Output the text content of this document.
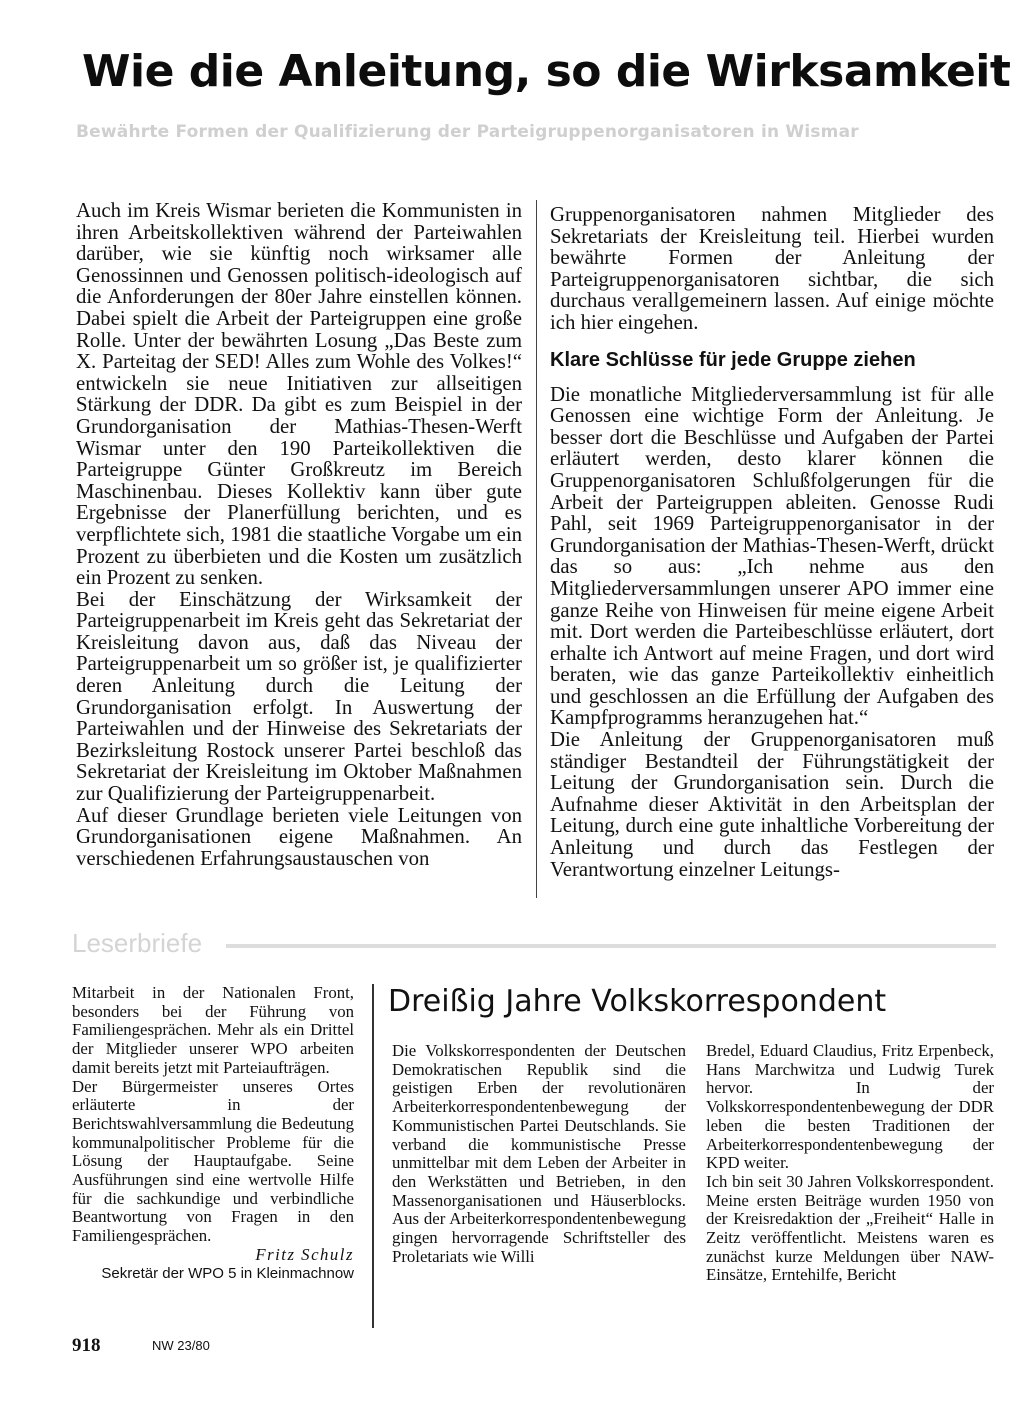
Wie die Anleitung, so die Wirksamkeit
Bewährte Formen der Qualifizierung der Parteigruppenorganisatoren in Wismar

Auch im Kreis Wismar berieten die Kommunisten in ihren Arbeitskollektiven während der Parteiwahlen darüber, wie sie künftig noch wirksamer alle Genossinnen und Genossen politisch-ideologisch auf die Anforderungen der 80er Jahre einstellen können. Dabei spielt die Arbeit der Parteigruppen eine große Rolle. Unter der bewährten Losung „Das Beste zum X. Parteitag der SED! Alles zum Wohle des Volkes!“ entwickeln sie neue Initiativen zur allseitigen Stärkung der DDR. Da gibt es zum Beispiel in der Grundorganisation der Mathias-Thesen-Werft Wismar unter den 190 Parteikollektiven die Parteigruppe Günter Großkreutz im Bereich Maschinenbau. Dieses Kollektiv kann über gute Ergebnisse der Planerfüllung berichten, und es verpflichtete sich, 1981 die staatliche Vorgabe um ein Prozent zu überbieten und die Kosten um zusätzlich ein Prozent zu senken.

Bei der Einschätzung der Wirksamkeit der Parteigruppenarbeit im Kreis geht das Sekretariat der Kreisleitung davon aus, daß das Niveau der Parteigruppenarbeit um so größer ist, je qualifizierter deren Anleitung durch die Leitung der Grundorganisation erfolgt. In Auswertung der Parteiwahlen und der Hinweise des Sekretariats der Bezirksleitung Rostock unserer Partei beschloß das Sekretariat der Kreisleitung im Oktober Maßnahmen zur Qualifizierung der Parteigruppenarbeit.

Auf dieser Grundlage berieten viele Leitungen von Grundorganisationen eigene Maßnahmen. An verschiedenen Erfahrungsaustauschen von

Gruppenorganisatoren nahmen Mitglieder des Sekretariats der Kreisleitung teil. Hierbei wurden bewährte Formen der Anleitung der Parteigruppenorganisatoren sichtbar, die sich durchaus verallgemeinern lassen. Auf einige möchte ich hier eingehen.

Klare Schlüsse für jede Gruppe ziehen

Die monatliche Mitgliederversammlung ist für alle Genossen eine wichtige Form der Anleitung. Je besser dort die Beschlüsse und Aufgaben der Partei erläutert werden, desto klarer können die Gruppenorganisatoren Schlußfolgerungen für die Arbeit der Parteigruppen ableiten. Genosse Rudi Pahl, seit 1969 Parteigruppenorganisator in der Grundorganisation der Mathias-Thesen-Werft, drückt das so aus: „Ich nehme aus den Mitgliederversammlungen unserer APO immer eine ganze Reihe von Hinweisen für meine eigene Arbeit mit. Dort werden die Parteibeschlüsse erläutert, dort erhalte ich Antwort auf meine Fragen, und dort wird beraten, wie das ganze Parteikollektiv einheitlich und geschlossen an die Erfüllung der Aufgaben des Kampfprogramms heranzugehen hat.“

Die Anleitung der Gruppenorganisatoren muß ständiger Bestandteil der Führungstätigkeit der Leitung der Grundorganisation sein. Durch die Aufnahme dieser Aktivität in den Arbeitsplan der Leitung, durch eine gute inhaltliche Vorbereitung der Anleitung und durch das Festlegen der Verantwortung einzelner Leitungs-

Leserbriefe

Mitarbeit in der Nationalen Front, besonders bei der Führung von Familiengesprächen. Mehr als ein Drittel der Mitglieder unserer WPO arbeiten damit bereits jetzt mit Parteiaufträgen.

Der Bürgermeister unseres Ortes erläuterte in der Berichtswahlversammlung die Bedeutung kommunalpolitischer Probleme für die Lösung der Hauptaufgabe. Seine Ausführungen sind eine wertvolle Hilfe für die sachkundige und verbindliche Beantwortung von Fragen in den Familiengesprächen.

Fritz Schulz

Sekretär der WPO 5 in Kleinmachnow

Dreißig Jahre Volkskorrespondent

Die Volkskorrespondenten der Deutschen Demokratischen Republik sind die geistigen Erben der revolutionären Arbeiterkorrespondentenbewegung der Kommunistischen Partei Deutschlands. Sie verband die kommunistische Presse unmittelbar mit dem Leben der Arbeiter in den Werkstätten und Betrieben, in den Massenorganisationen und Häuserblocks. Aus der Arbeiterkorrespondentenbewegung gingen hervorragende Schriftsteller des Proletariats wie Willi

Bredel, Eduard Claudius, Fritz Erpenbeck, Hans Marchwitza und Ludwig Turek hervor. In der Volkskorrespondentenbewegung der DDR leben die besten Traditionen der Arbeiterkorrespondentenbewegung der KPD weiter.

Ich bin seit 30 Jahren Volkskorrespondent. Meine ersten Beiträge wurden 1950 von der Kreisredaktion der „Freiheit“ Halle in Zeitz veröffentlicht. Meistens waren es zunächst kurze Meldungen über NAW-Einsätze, Erntehilfe, Bericht

918	NW 23/80
